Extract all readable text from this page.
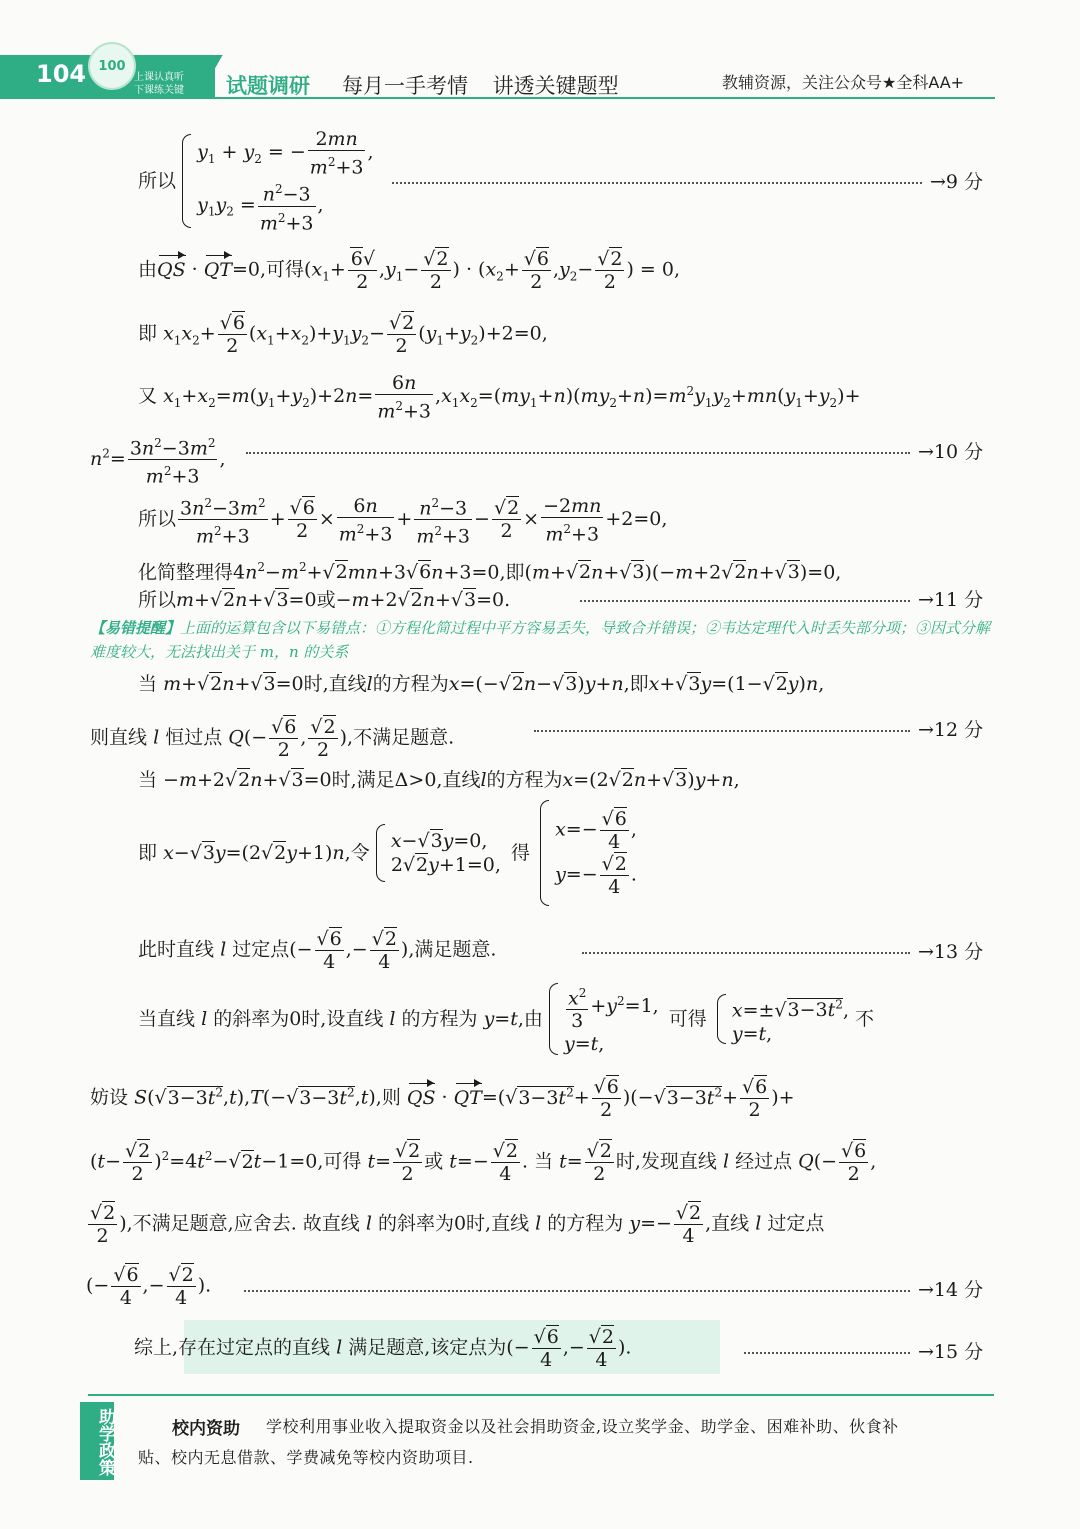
104 100
上课认真听
下课练关键 试题调研 每月一手考情 讲透关键题型	教辅资源，关注公众号★全科AA+
所以
$y_1 + y_2$ = − $\frac{2mn}{m^2+3}$ ,
$y_1y_2 = \frac{n^2-3}{m^2+3}$ ,
→9 分
由QS · QT=0,可得($x_1+ \frac{6√}{2} ,y_1- \frac{√2}{2}$ ) · ($x_2+ \frac{√6}{2} ,y_2- \frac{√2}{2}$ ) = 0,
即 $x_1x_2+ \frac{√6}{2} (x_1+x_2)+y_1y_2- \frac{√2}{2} (y_1+y_2)+2=0$,
又 $x_1+x_2=m(y_1+y_2)+2n= \frac{6n}{m^2+3} ,x_1x_2=(my_1+n)(my_2+n)=m^2y_1y_2+mn(y_1+y_2)+$
$n^2= \frac{3n^2-3m^2}{m^2+3}$ ,	→10 分
所以 $\frac{3n^2-3m^2}{m^2+3} + \frac{√6}{2} \times \frac{6n}{m^2+3} + \frac{n^2-3}{m^2+3} - \frac{√2}{2} \times \frac{-2mn}{m^2+3} +2=0$,
化简整理得$4n^2-m^2+√2mn+3√6n+3=0$,即(m+√2n+√3)(−m+2√2n+√3)=0,
所以m+√2n+√3=0或−m+2√2n+√3=0.	→11 分
【易错提醒】上面的运算包含以下易错点：①方程化简过程中平方容易丢失，导致合并错误；②韦达定理代入时丢失部分项；③因式分解难度较大，无法找出关于 m，n 的关系
当 m+√2n+√3=0时,直线l的方程为x=(−√2n−√3)y+n,即x+√3y=(1−√2y)n,
则直线 l 恒过点 $Q(- \frac{√6}{2}$ , $\frac{√2}{2}$ ),不满足题意.	→12 分
当 −m+2√2n+√3=0时,满足Δ>0,直线l的方程为x=(2√2n+√3)y+n,
即 x−√3y=(2√2y+1)n,令
x−√3y=0,
2√2y+1=0,
得
$x=- \frac{√6}{4}$ ,
$y=- \frac{√2}{4}$ .
此时直线 l 过定点(− $\frac{√6}{4}$ ,− $\frac{√2}{4}$ ),满足题意.	→13 分
当直线 l 的斜率为0时,设直线 l 的方程为 y=t,由 $\frac{x^2}{3} +y^2=1$,
y=t,
可得 $x=\pm√3-3t^2$,
y=t,
不
妨设 $S(√3-3t^2,t),T(-√3-3t^2,t)$,则 QS · $QT=(√3-3t^2+ \frac{√6}{2} )(-√3-3t^2+ \frac{√6}{2}$ )+
$(t- \frac{√2}{2} )^2=4t^2-√2t-1=0$,可得 $t= \frac{√2}{2}$ 或 $t=- \frac{√2}{4}$ . 当 $t= \frac{√2}{2}$ 时,发现直线 l 经过点 $Q(- \frac{√6}{2}$ ,
$\frac{√2}{2}$ ),不满足题意,应舍去. 故直线 l 的斜率为0时,直线 l 的方程为 $y=- \frac{√2}{4}$ ,直线 l 过定点
(− $\frac{√6}{4}$ ,− $\frac{√2}{4}$ ).	→14 分
综上,存在过定点的直线 l 满足题意,该定点为(− $\frac{√6}{4}$ ,− $\frac{√2}{4}$ ).	→15 分
助学政策	校内资助 学校利用事业收入提取资金以及社会捐助资金,设立奖学金、助学金、困难补助、伙食补
贴、校内无息借款、学费减免等校内资助项目.
